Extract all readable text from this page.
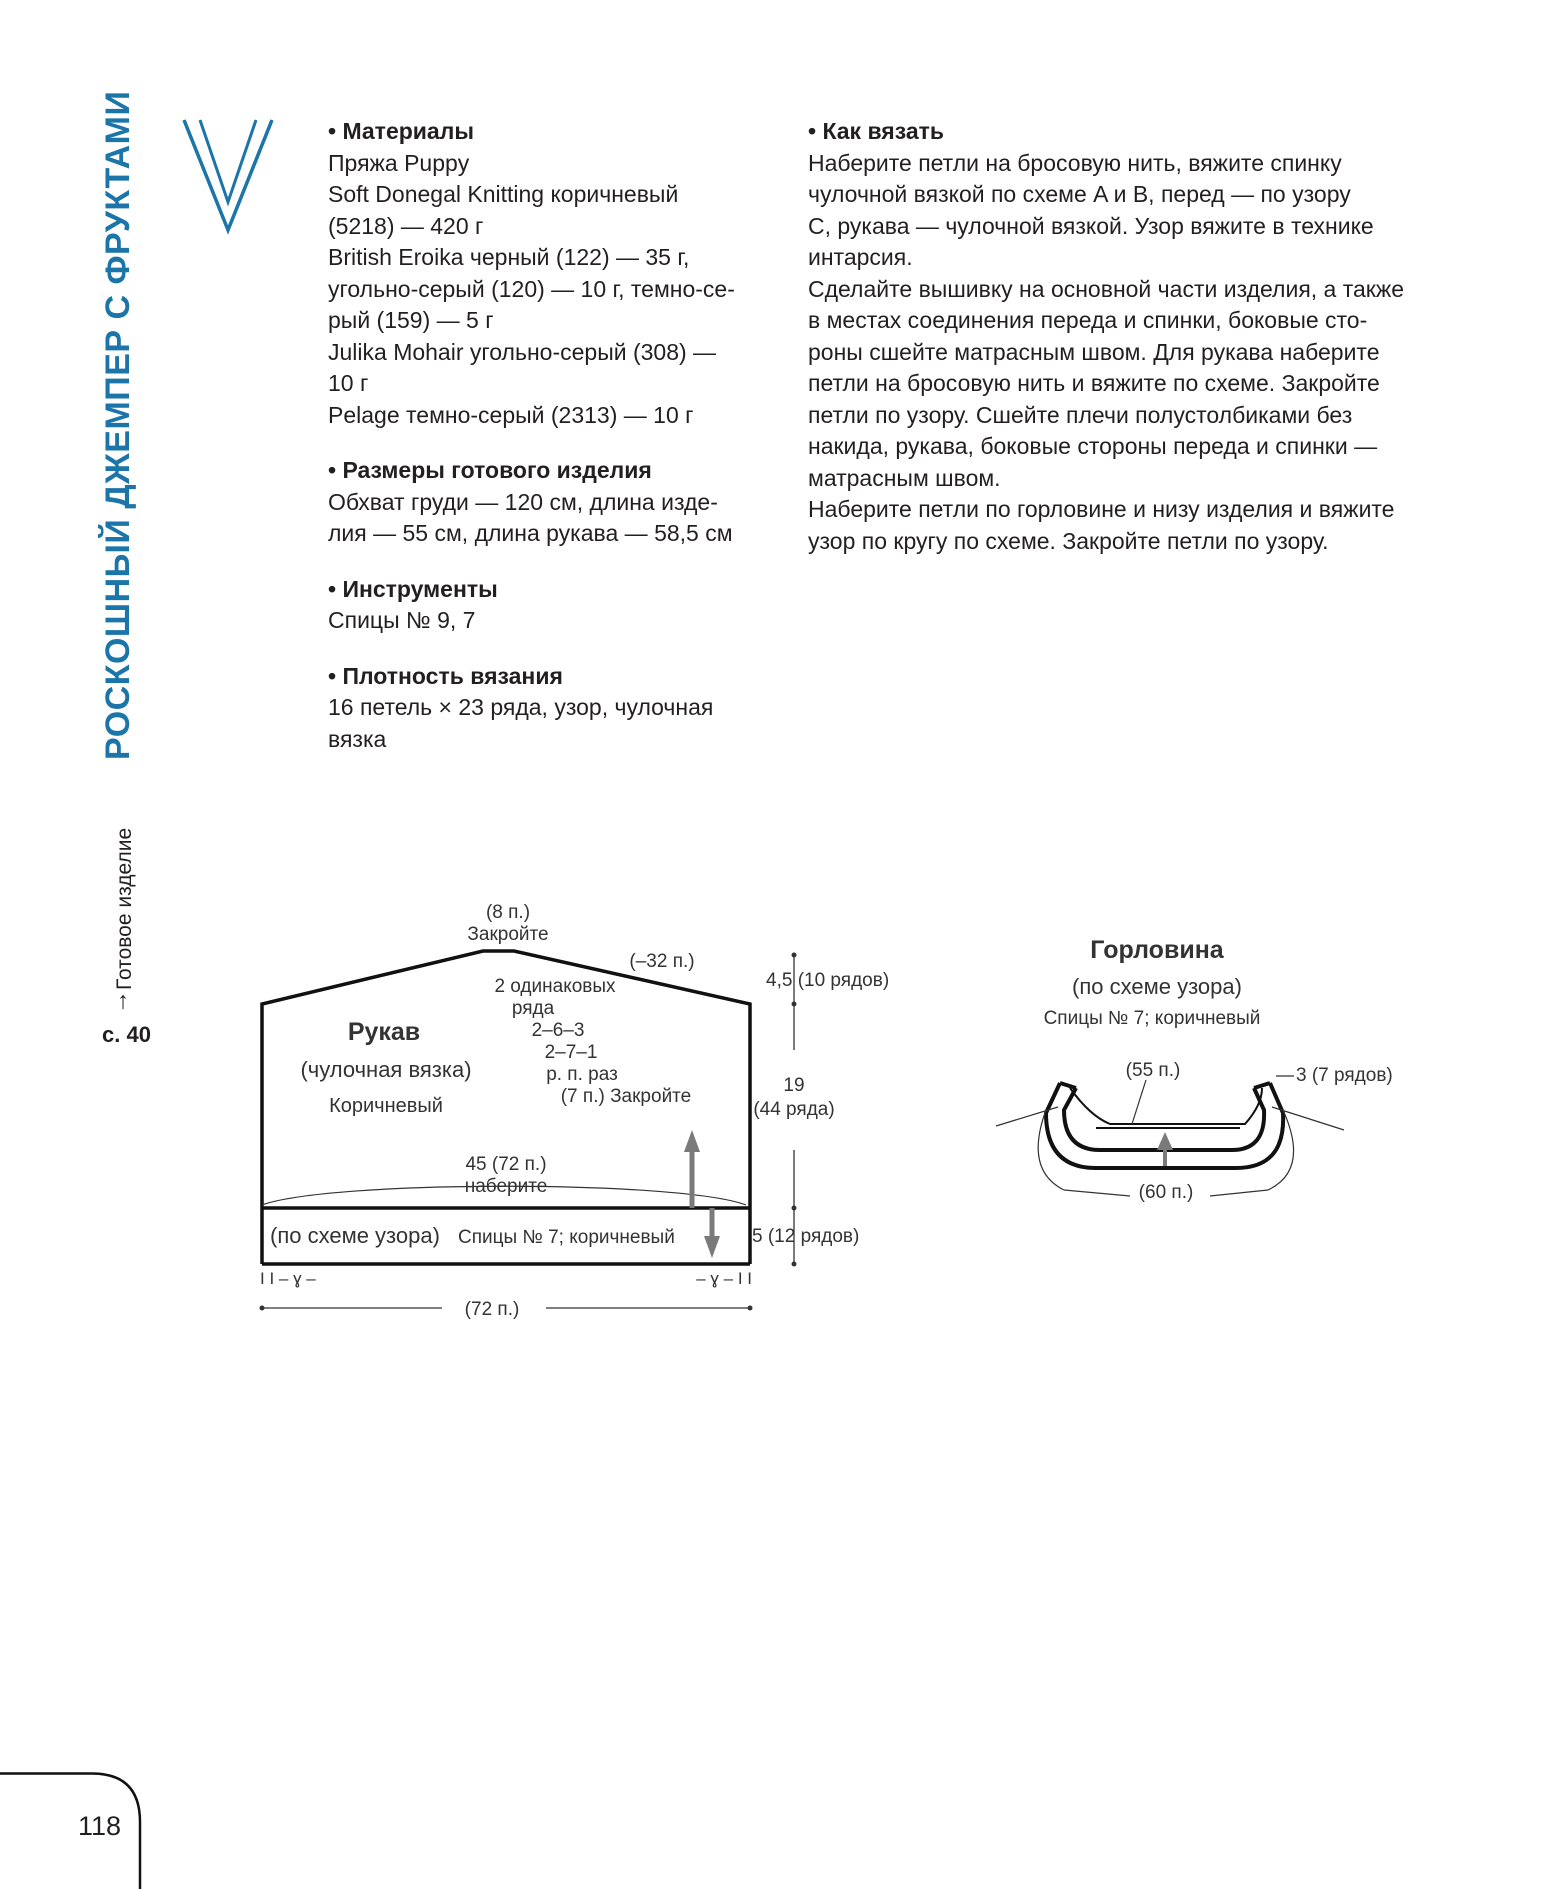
РОСКОШНЫЙ ДЖЕМПЕР С ФРУКТАМИ
→
Готовое изделие
с. 40
• Материалы

Пряжа Puppy

Soft Donegal Knitting коричневый

(5218) — 420 г

British Eroika черный (122) — 35 г,

угольно-серый (120) — 10 г, темно-се-

рый (159) — 5 г

Julika Mohair угольно-серый (308) —

10 г

Pelage темно-серый (2313) — 10 г

• Размеры готового изделия

Обхват груди — 120 см, длина изде-

лия — 55 см, длина рукава — 58,5 см

• Инструменты

Спицы № 9, 7

• Плотность вязания

16 петель × 23 ряда, узор, чулочная

вязка

• Как вязать

Наберите петли на бросовую нить, вяжите спинку

чулочной вязкой по схеме A и B, перед — по узору

C, рукава — чулочной вязкой. Узор вяжите в технике

интарсия.

Сделайте вышивку на основной части изделия, а также

в местах соединения переда и спинки, боковые сто-

роны сшейте матрасным швом. Для рукава наберите

петли на бросовую нить и вяжите по схеме. Закройте

петли по узору. Сшейте плечи полустолбиками без

накида, рукава, боковые стороны переда и спинки —

матрасным швом.

Наберите петли по горловине и низу изделия и вяжите

узор по кругу по схеме. Закройте петли по узору.

(8 п.)
Закройте
(–32 п.)
2 одинаковых
ряда
2–6–3
2–7–1
р. п. раз
(7 п.) Закройте
Рукав
(чулочная вязка)
Коричневый
45 (72 п.)
наберите
(по схеме узора) Спицы № 7; коричневый
4,5 (10 рядов)
19
(44 ряда)
5 (12 рядов)
I I – ɣ –	– ɣ – I I
(72 п.)
Горловина
(по схеме узора)
Спицы № 7; коричневый
(55 п.)
(60 п.)
3 (7 рядов)
118
